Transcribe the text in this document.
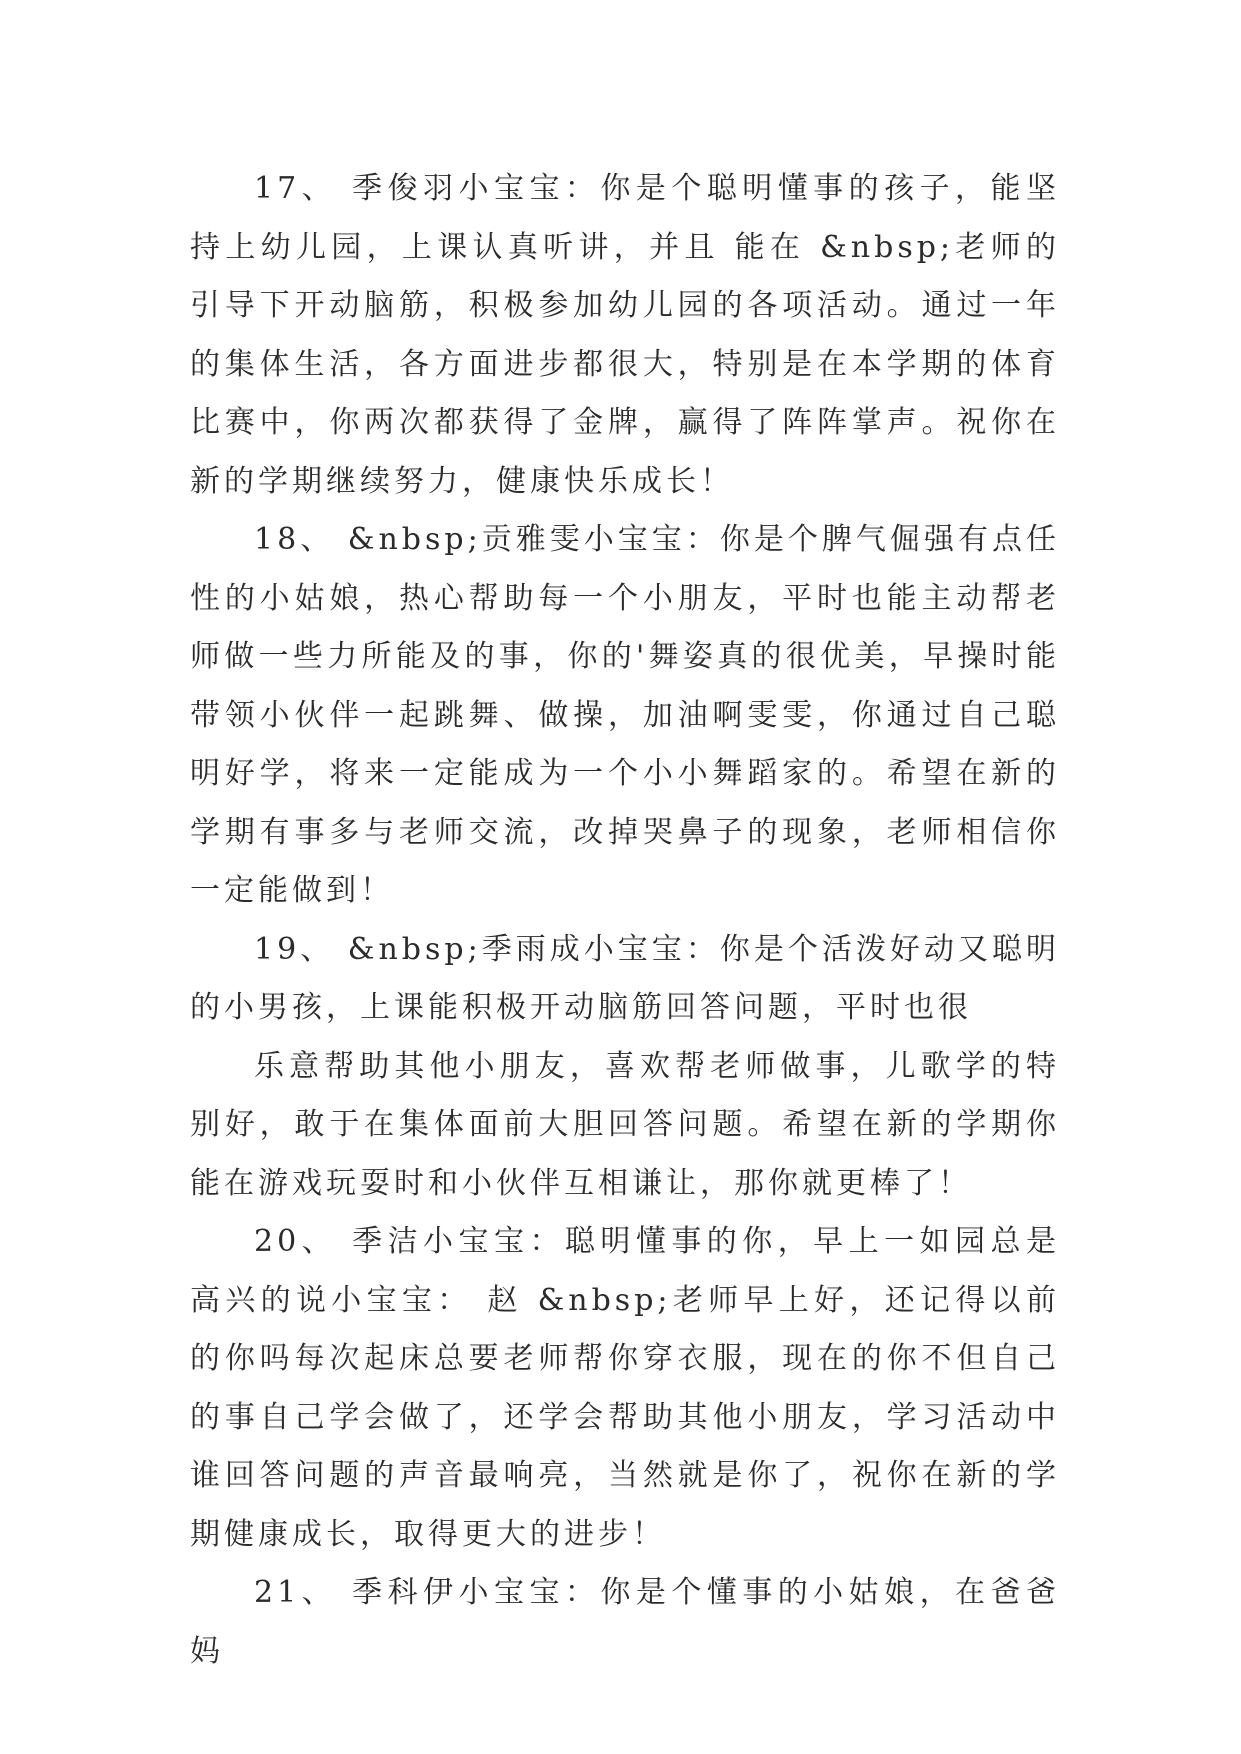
17、 季俊羽小宝宝：你是个聪明懂事的孩子，能坚持上幼儿园，上课认真听讲，并且 能在 &nbsp;老师的引导下开动脑筋，积极参加幼儿园的各项活动。通过一年的集体生活，各方面进步都很大，特别是在本学期的体育比赛中，你两次都获得了金牌，赢得了阵阵掌声。祝你在新的学期继续努力，健康快乐成长！

18、 &nbsp;贡雅雯小宝宝：你是个脾气倔强有点任性的小姑娘，热心帮助每一个小朋友，平时也能主动帮老师做一些力所能及的事，你的'舞姿真的很优美，早操时能带领小伙伴一起跳舞、做操，加油啊雯雯，你通过自己聪明好学，将来一定能成为一个小小舞蹈家的。希望在新的学期有事多与老师交流，改掉哭鼻子的现象，老师相信你一定能做到！

19、 &nbsp;季雨成小宝宝：你是个活泼好动又聪明的小男孩，上课能积极开动脑筋回答问题，平时也很

乐意帮助其他小朋友，喜欢帮老师做事，儿歌学的特别好，敢于在集体面前大胆回答问题。希望在新的学期你能在游戏玩耍时和小伙伴互相谦让，那你就更棒了！

20、 季洁小宝宝：聪明懂事的你，早上一如园总是高兴的说小宝宝： 赵 &nbsp;老师早上好，还记得以前的你吗每次起床总要老师帮你穿衣服，现在的你不但自己的事自己学会做了，还学会帮助其他小朋友，学习活动中谁回答问题的声音最响亮，当然就是你了，祝你在新的学期健康成长，取得更大的进步！

21、 季科伊小宝宝：你是个懂事的小姑娘，在爸爸妈
